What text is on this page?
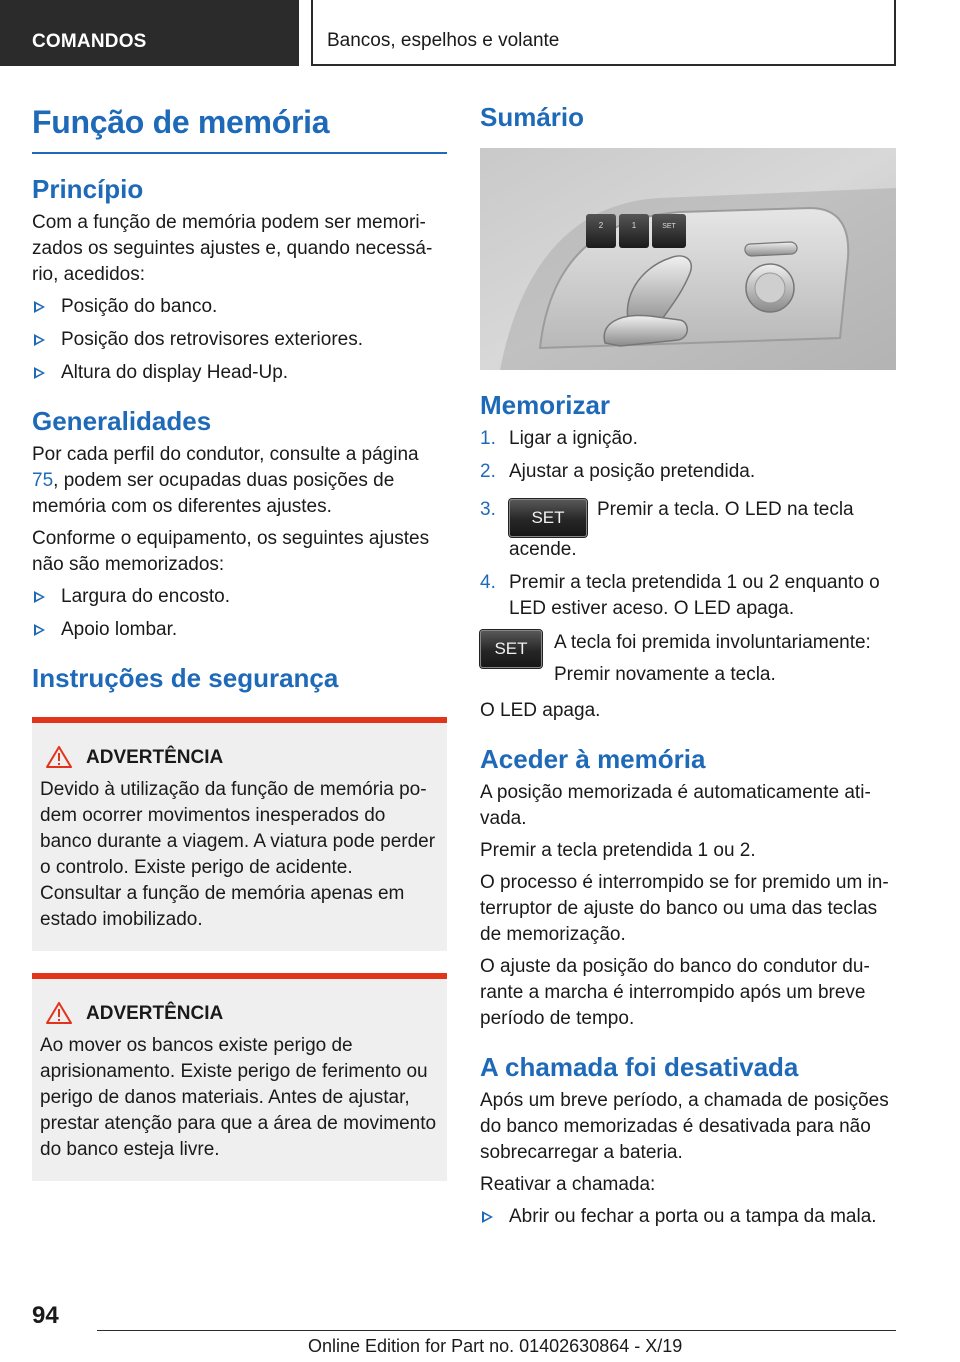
COMANDOS	Bancos, espelhos e volante
Função de memória
Princípio

Com a função de memória podem ser memorizados os seguintes ajustes e, quando necessário, acedidos:

Posição do banco.
Posição dos retrovisores exteriores.
Altura do display Head-Up.
Generalidades

Por cada perfil do condutor, consulte a página 75, podem ser ocupadas duas posições de memória com os diferentes ajustes.

Conforme o equipamento, os seguintes ajustes não são memorizados:

Largura do encosto.
Apoio lombar.
Instruções de segurança
ADVERTÊNCIA

Devido à utilização da função de memória podem ocorrer movimentos inesperados do banco durante a viagem. A viatura pode perder o controlo. Existe perigo de acidente. Consultar a função de memória apenas em estado imobilizado.

ADVERTÊNCIA

Ao mover os bancos existe perigo de aprisionamento. Existe perigo de ferimento ou perigo de danos materiais. Antes de ajustar, prestar atenção para que a área de movimento do banco esteja livre.

Sumário
2	1	SET
Memorizar
1. Ligar a ignição.
2. Ajustar a posição pretendida.
3. SET Premir a tecla. O LED na tecla acende.
4. Premir a tecla pretendida 1 ou 2 enquanto o LED estiver aceso. O LED apaga.
SET	A tecla foi premida involuntariamente:

Premir novamente a tecla.

O LED apaga.

Aceder à memória

A posição memorizada é automaticamente ativada.

Premir a tecla pretendida 1 ou 2.

O processo é interrompido se for premido um interruptor de ajuste do banco ou uma das teclas de memorização.

O ajuste da posição do banco do condutor durante a marcha é interrompido após um breve período de tempo.

A chamada foi desativada

Após um breve período, a chamada de posições do banco memorizadas é desativada para não sobrecarregar a bateria.

Reativar a chamada:

Abrir ou fechar a porta ou a tampa da mala.
94
Online Edition for Part no. 01402630864 - X/19
